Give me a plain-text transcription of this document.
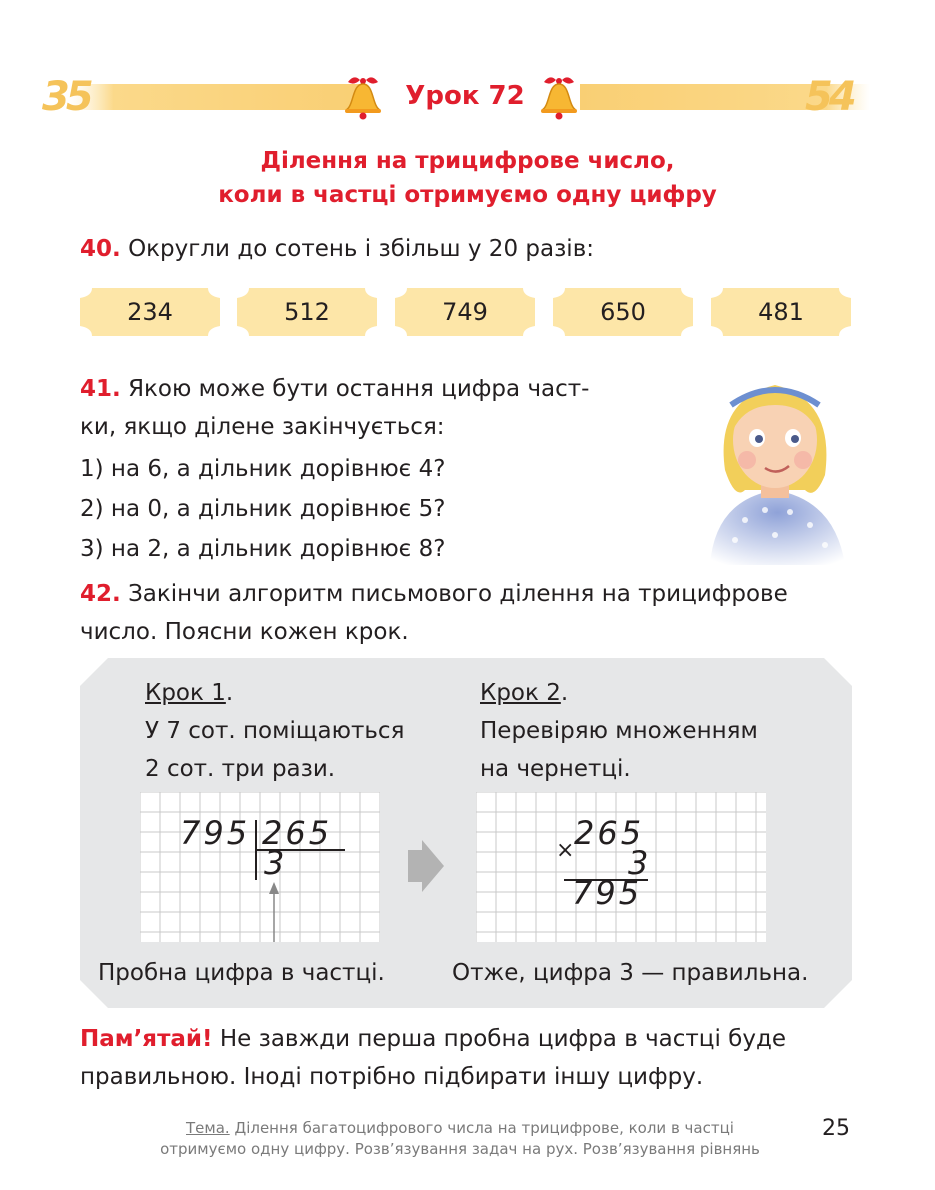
35	54
Урок 72
Ділення на трицифрове число,
коли в частці отримуємо одну цифру
40. Округли до сотень і збільш у 20 разів:
234	512	749	650	481
41. Якою може бути остання цифра част-
ки, якщо ділене закінчується:
1) на 6, а дільник дорівнює 4?
2) на 0, а дільник дорівнює 5?
3) на 2, а дільник дорівнює 8?
42. Закінчи алгоритм письмового ділення на трицифрове
число. Поясни кожен крок.
Крок 1.
У 7 сот. поміщаються
2 сот. три рази.
Крок 2.
Перевіряю множенням
на чернетці.
795 265
3	× 265
3
795
Пробна цифра в частці.	Отже, цифра 3 — правильна.
Пам’ятай! Не завжди перша пробна цифра в частці буде
правильною. Іноді потрібно підбирати іншу цифру.
Тема. Ділення багатоцифрового числа на трицифрове, коли в частці
отримуємо одну цифру. Розв’язування задач на рух. Розв’язування рівнянь
25
